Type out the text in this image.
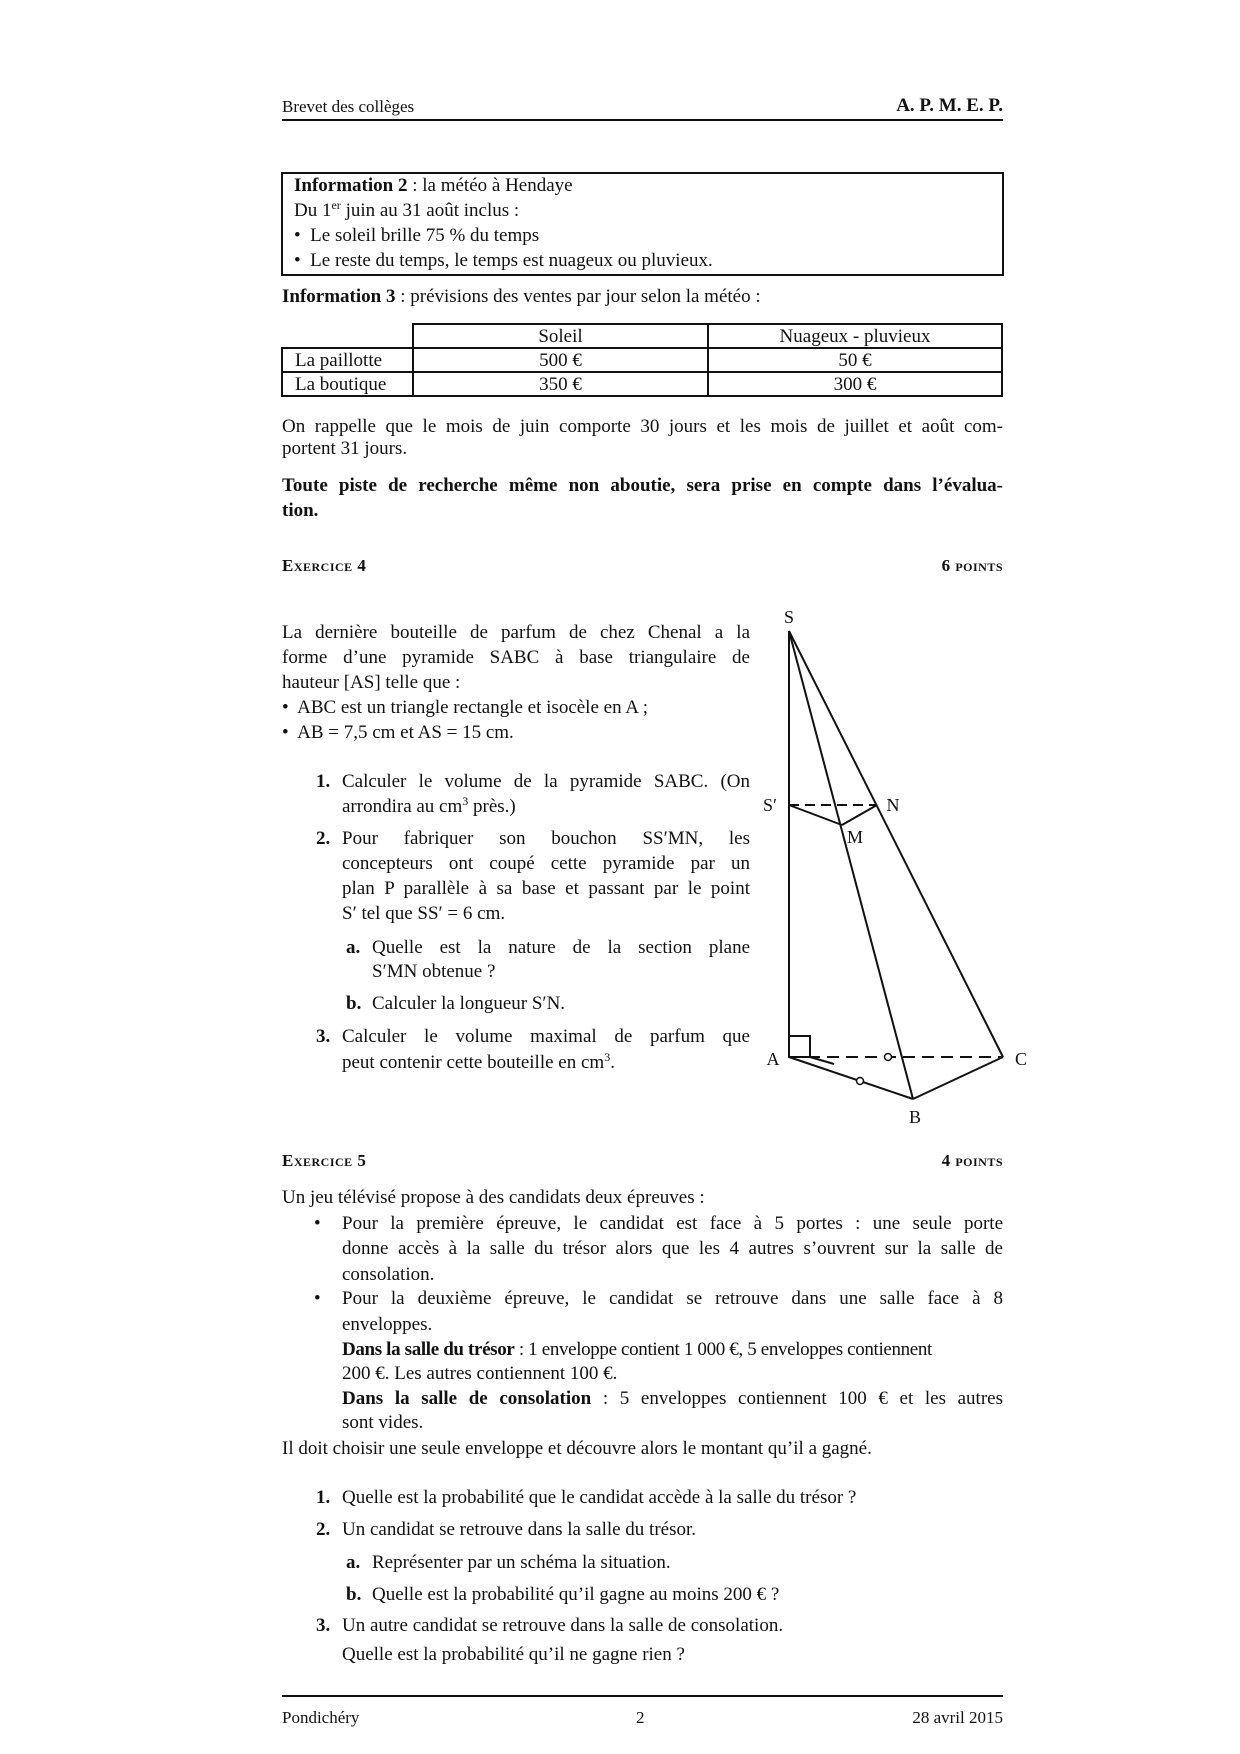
Brevet des collèges	A. P. M. E. P.
Information 2 : la météo à Hendaye
Du 1er juin au 31 août inclus :
•  Le soleil brille 75 % du temps
•  Le reste du temps, le temps est nuageux ou pluvieux.
Information 3 : prévisions des ventes par jour selon la météo :
	Soleil	Nuageux - pluvieux
La paillotte	500 €	50 €
La boutique	350 €	300 €
On rappelle que le mois de juin comporte 30 jours et les mois de juillet et août com-
portent 31 jours.
Toute piste de recherche même non aboutie, sera prise en compte dans l’évalua-
tion.
Exercice 4	6 points
La dernière bouteille de parfum de chez Chenal a la
forme d’une pyramide SABC à base triangulaire de
hauteur [AS] telle que :
•  ABC est un triangle rectangle et isocèle en A ;
•  AB = 7,5 cm et AS = 15 cm.
1. Calculer le volume de la pyramide SABC. (On
arrondira au $cm^3$ près.)
2. Pour fabriquer son bouchon SS′MN, les
concepteurs ont coupé cette pyramide par un
plan P parallèle à sa base et passant par le point
S′ tel que SS′ = 6 cm.
a. Quelle est la nature de la section plane
S′MN obtenue ?
b. Calculer la longueur S′N.
3. Calculer le volume maximal de parfum que
peut contenir cette bouteille en $cm^3$.
S
S′	N
M
A	C
B
Exercice 5	4 points
Un jeu télévisé propose à des candidats deux épreuves :
• Pour la première épreuve, le candidat est face à 5 portes : une seule porte
donne accès à la salle du trésor alors que les 4 autres s’ouvrent sur la salle de
consolation.
• Pour la deuxième épreuve, le candidat se retrouve dans une salle face à 8
enveloppes.
Dans la salle du trésor : 1 enveloppe contient 1 000 €, 5 enveloppes contiennent
200 €. Les autres contiennent 100 €.
Dans la salle de consolation : 5 enveloppes contiennent 100 € et les autres
sont vides.
Il doit choisir une seule enveloppe et découvre alors le montant qu’il a gagné.
1. Quelle est la probabilité que le candidat accède à la salle du trésor ?
2. Un candidat se retrouve dans la salle du trésor.
a. Représenter par un schéma la situation.
b. Quelle est la probabilité qu’il gagne au moins 200 € ?
3. Un autre candidat se retrouve dans la salle de consolation.
Quelle est la probabilité qu’il ne gagne rien ?
Pondichéry	2	28 avril 2015
